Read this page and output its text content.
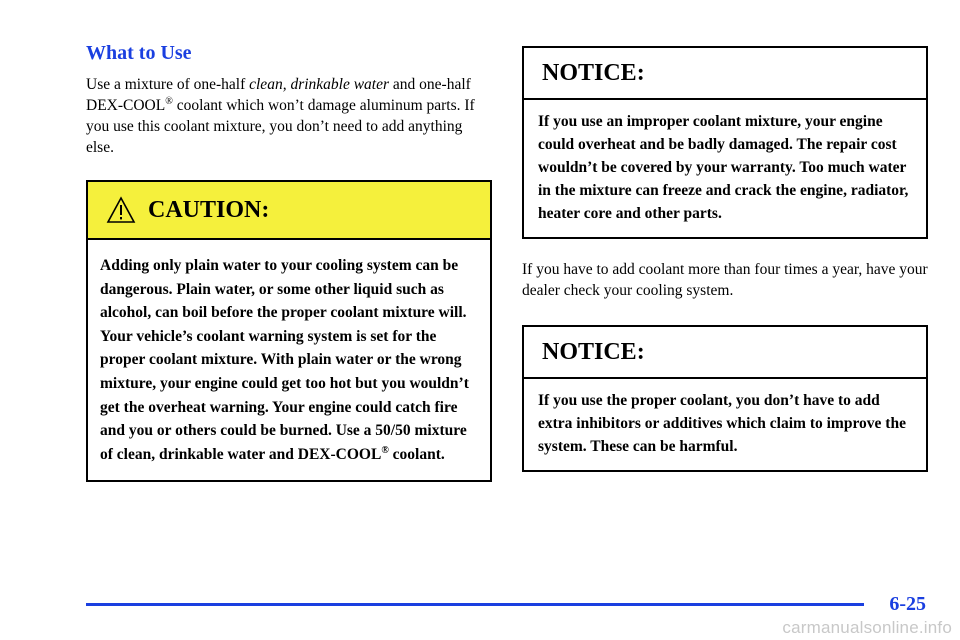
What to Use

Use a mixture of one-half clean, drinkable water and one-half DEX-COOL® coolant which won’t damage aluminum parts. If you use this coolant mixture, you don’t need to add anything else.

CAUTION:
Adding only plain water to your cooling system can be dangerous. Plain water, or some other liquid such as alcohol, can boil before the proper coolant mixture will. Your vehicle’s coolant warning system is set for the proper coolant mixture. With plain water or the wrong mixture, your engine could get too hot but you wouldn’t get the overheat warning. Your engine could catch fire and you or others could be burned. Use a 50/50 mixture of clean, drinkable water and DEX-COOL® coolant.
NOTICE:
If you use an improper coolant mixture, your engine could overheat and be badly damaged. The repair cost wouldn’t be covered by your warranty. Too much water in the mixture can freeze and crack the engine, radiator, heater core and other parts.

If you have to add coolant more than four times a year, have your dealer check your cooling system.

NOTICE:
If you use the proper coolant, you don’t have to add extra inhibitors or additives which claim to improve the system. These can be harmful.
6-25
carmanualsonline.info
